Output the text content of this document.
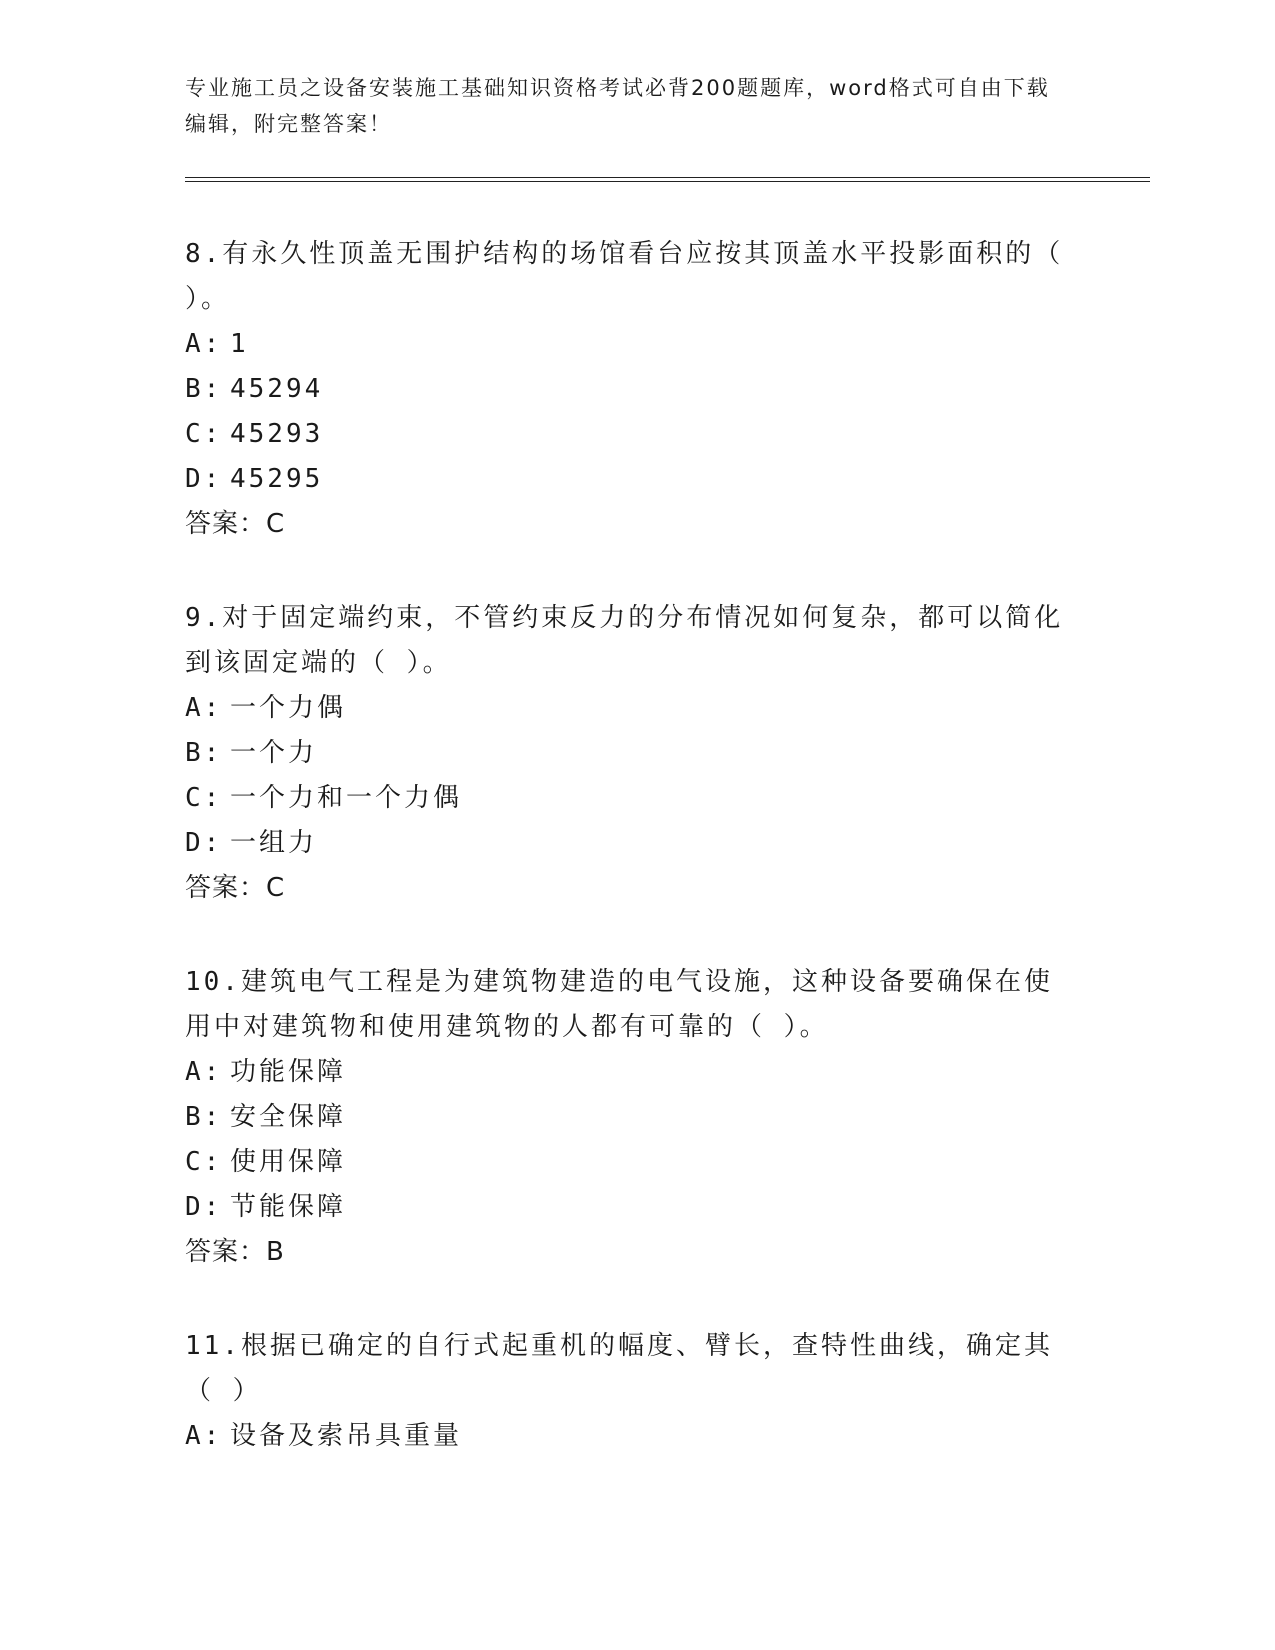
专业施工员之设备安装施工基础知识资格考试必背200题题库，word格式可自由下载编辑，附完整答案！
8.有永久性顶盖无围护结构的场馆看台应按其顶盖水平投影面积的（ ）。
A: 1
B: 45294
C: 45293
D: 45295
答案：C
9.对于固定端约束，不管约束反力的分布情况如何复杂，都可以简化到该固定端的（ ）。
A: 一个力偶
B: 一个力
C: 一个力和一个力偶
D: 一组力
答案：C
10.建筑电气工程是为建筑物建造的电气设施，这种设备要确保在使用中对建筑物和使用建筑物的人都有可靠的（ ）。
A: 功能保障
B: 安全保障
C: 使用保障
D: 节能保障
答案：B
11.根据已确定的自行式起重机的幅度、臂长，查特性曲线，确定其（ ）
A: 设备及索吊具重量
